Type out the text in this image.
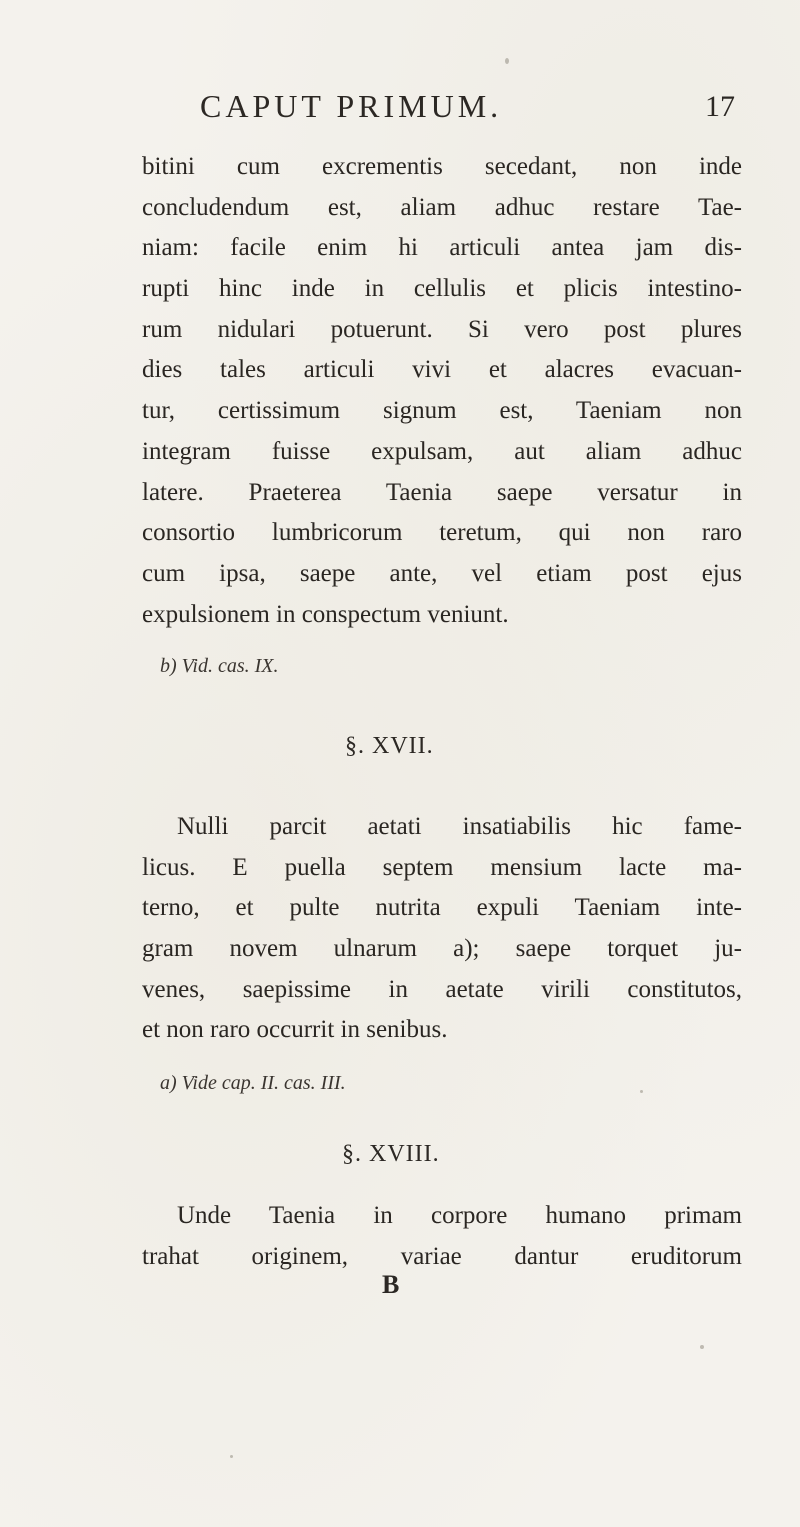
CAPUT PRIMUM.	17
bitini cum excrementis secedant, non inde
concludendum est, aliam adhuc restare Tae-
niam: facile enim hi articuli antea jam dis-
rupti hinc inde in cellulis et plicis intestino-
rum nidulari potuerunt. Si vero post plures
dies tales articuli vivi et alacres evacuan-
tur, certissimum signum est, Taeniam non
integram fuisse expulsam, aut aliam adhuc
latere. Praeterea Taenia saepe versatur in
consortio lumbricorum teretum, qui non raro
cum ipsa, saepe ante, vel etiam post ejus
expulsionem in conspectum veniunt.
b) Vid. cas. IX.
§. XVII.
Nulli parcit aetati insatiabilis hic fame-
licus. E puella septem mensium lacte ma-
terno, et pulte nutrita expuli Taeniam inte-
gram novem ulnarum a); saepe torquet ju-
venes, saepissime in aetate virili constitutos,
et non raro occurrit in senibus.
a) Vide cap. II. cas. III.
§. XVIII.
Unde Taenia in corpore humano primam
trahat originem, variae dantur eruditorum
B
